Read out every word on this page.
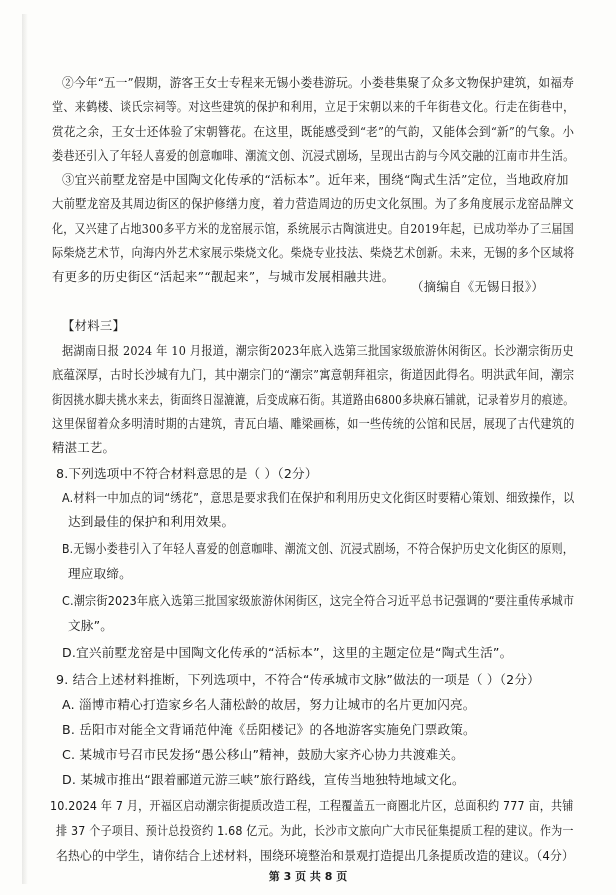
②今年“五一”假期，游客王女士专程来无锡小娄巷游玩。小娄巷集聚了众多文物保护建筑，如福寿
堂、来鹤楼、谈氏宗祠等。对这些建筑的保护和利用，立足于宋朝以来的千年街巷文化。行走在街巷中，
赏花之余，王女士还体验了宋朝簪花。在这里，既能感受到“老”的气韵，又能体会到“新”的气象。小
娄巷还引入了年轻人喜爱的创意咖啡、潮流文创、沉浸式剧场，呈现出古韵与今风交融的江南市井生活。
③宜兴前墅龙窑是中国陶文化传承的“活标本”。近年来，围绕“陶式生活”定位，当地政府加
大前墅龙窑及其周边街区的保护修缮力度，着力营造周边的历史文化氛围。为了多角度展示龙窑品牌文
化，又兴建了占地300多平方米的龙窑展示馆，系统展示古陶演进史。自2019年起，已成功举办了三届国
际柴烧艺术节，向海内外艺术家展示柴烧文化。柴烧专业技法、柴烧艺术创新。未来，无锡的多个区域将
有更多的历史街区“活起来”“靓起来”，与城市发展相融共进。
（摘编自《无锡日报》）
【材料三】
据湖南日报 2024 年 10 月报道，潮宗街2023年底入选第三批国家级旅游休闲街区。长沙潮宗街历史
底蕴深厚，古时长沙城有九门，其中潮宗门的“潮宗”寓意朝拜祖宗，街道因此得名。明洪武年间，潮宗
街因挑水脚夫挑水来去，街面终日湿漉漉，后变成麻石街。其道路由6800多块麻石铺就，记录着岁月的痕迹。
这里保留着众多明清时期的古建筑，青瓦白墙、雕梁画栋，如一些传统的公馆和民居，展现了古代建筑的
精湛工艺。
8.下列选项中不符合材料意思的是（ ）（2分）
A.材料一中加点的词“绣花”，意思是要求我们在保护和利用历史文化街区时要精心策划、细致操作，以
达到最佳的保护和利用效果。
B.无锡小娄巷引入了年轻人喜爱的创意咖啡、潮流文创、沉浸式剧场，不符合保护历史文化街区的原则，
理应取缔。
C.潮宗街2023年底入选第三批国家级旅游休闲街区，这完全符合习近平总书记强调的“要注重传承城市
文脉”。
D.宜兴前墅龙窑是中国陶文化传承的“活标本”，这里的主题定位是“陶式生活”。
9. 结合上述材料推断，下列选项中，不符合“传承城市文脉”做法的一项是（ ）（2分）
A. 淄博市精心打造家乡名人蒲松龄的故居，努力让城市的名片更加闪亮。
B. 岳阳市对能全文背诵范仲淹《岳阳楼记》的各地游客实施免门票政策。
C. 某城市号召市民发扬“愚公移山”精神，鼓励大家齐心协力共渡难关。
D. 某城市推出“跟着郦道元游三峡”旅行路线，宣传当地独特地域文化。
10.2024 年 7 月，开福区启动潮宗街提质改造工程，工程覆盖五一商圈北片区，总面积约 777 亩，共铺
排 37 个子项目、预计总投资约 1.68 亿元。为此，长沙市文旅向广大市民征集提质工程的建议。作为一
名热心的中学生，请你结合上述材料，围绕环境整治和景观打造提出几条提质改造的建议。（4分）
第 3 页 共 8 页
